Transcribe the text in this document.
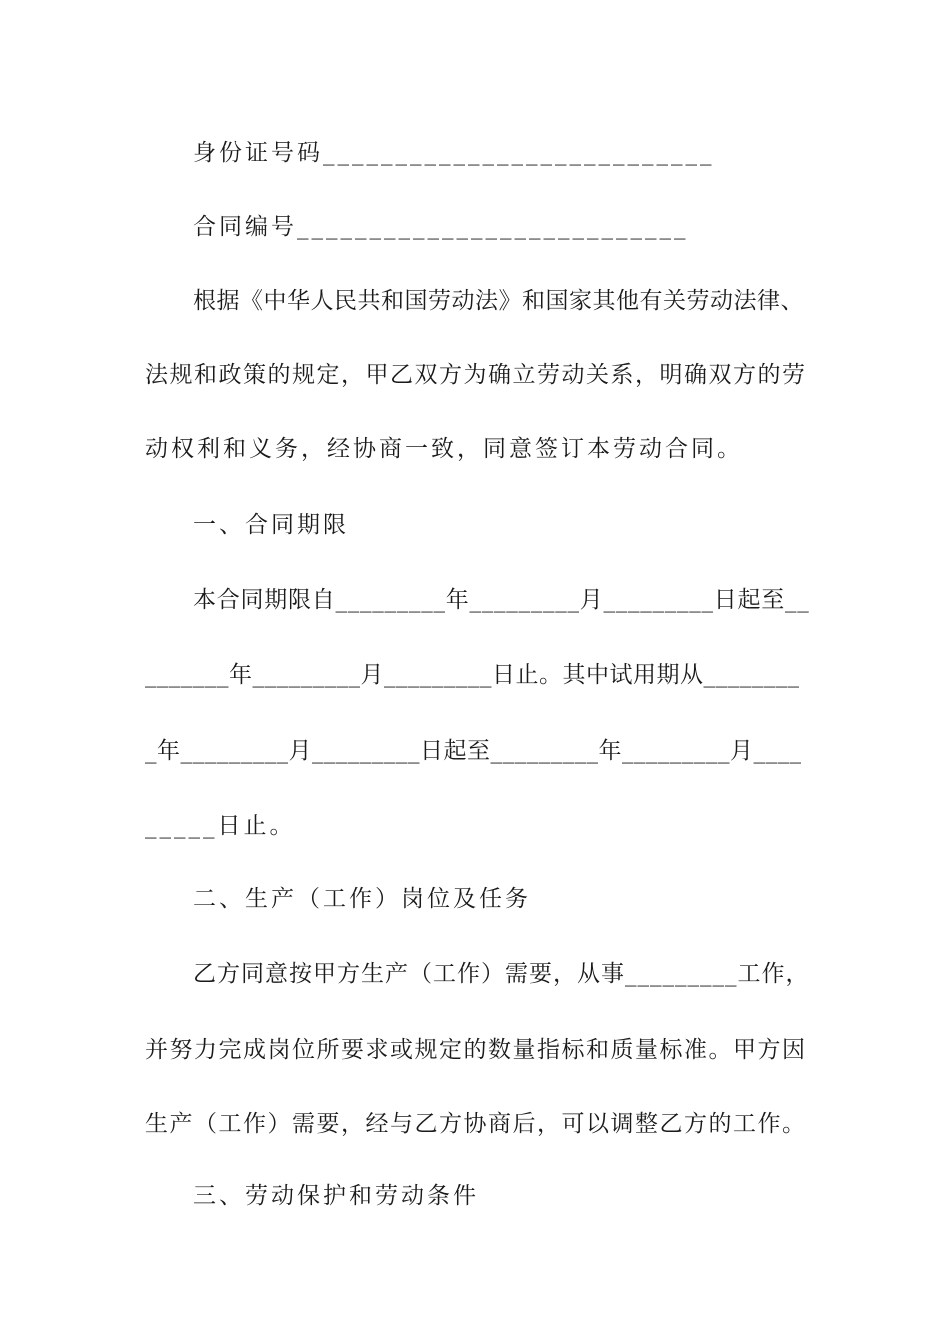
身份证号码___________________________
合同编号___________________________
根据《中华人民共和国劳动法》和国家其他有关劳动法律、
法规和政策的规定，甲乙双方为确立劳动关系，明确双方的劳
动权利和义务，经协商一致，同意签订本劳动合同。
一、合同期限
本合同期限自_________年_________月_________日起至__
_______年_________月_________日止。其中试用期从________
_年_________月_________日起至_________年_________月____
_____日止。
二、生产（工作）岗位及任务
乙方同意按甲方生产（工作）需要，从事_________工作，
并努力完成岗位所要求或规定的数量指标和质量标准。甲方因
生产（工作）需要，经与乙方协商后，可以调整乙方的工作。
三、劳动保护和劳动条件
